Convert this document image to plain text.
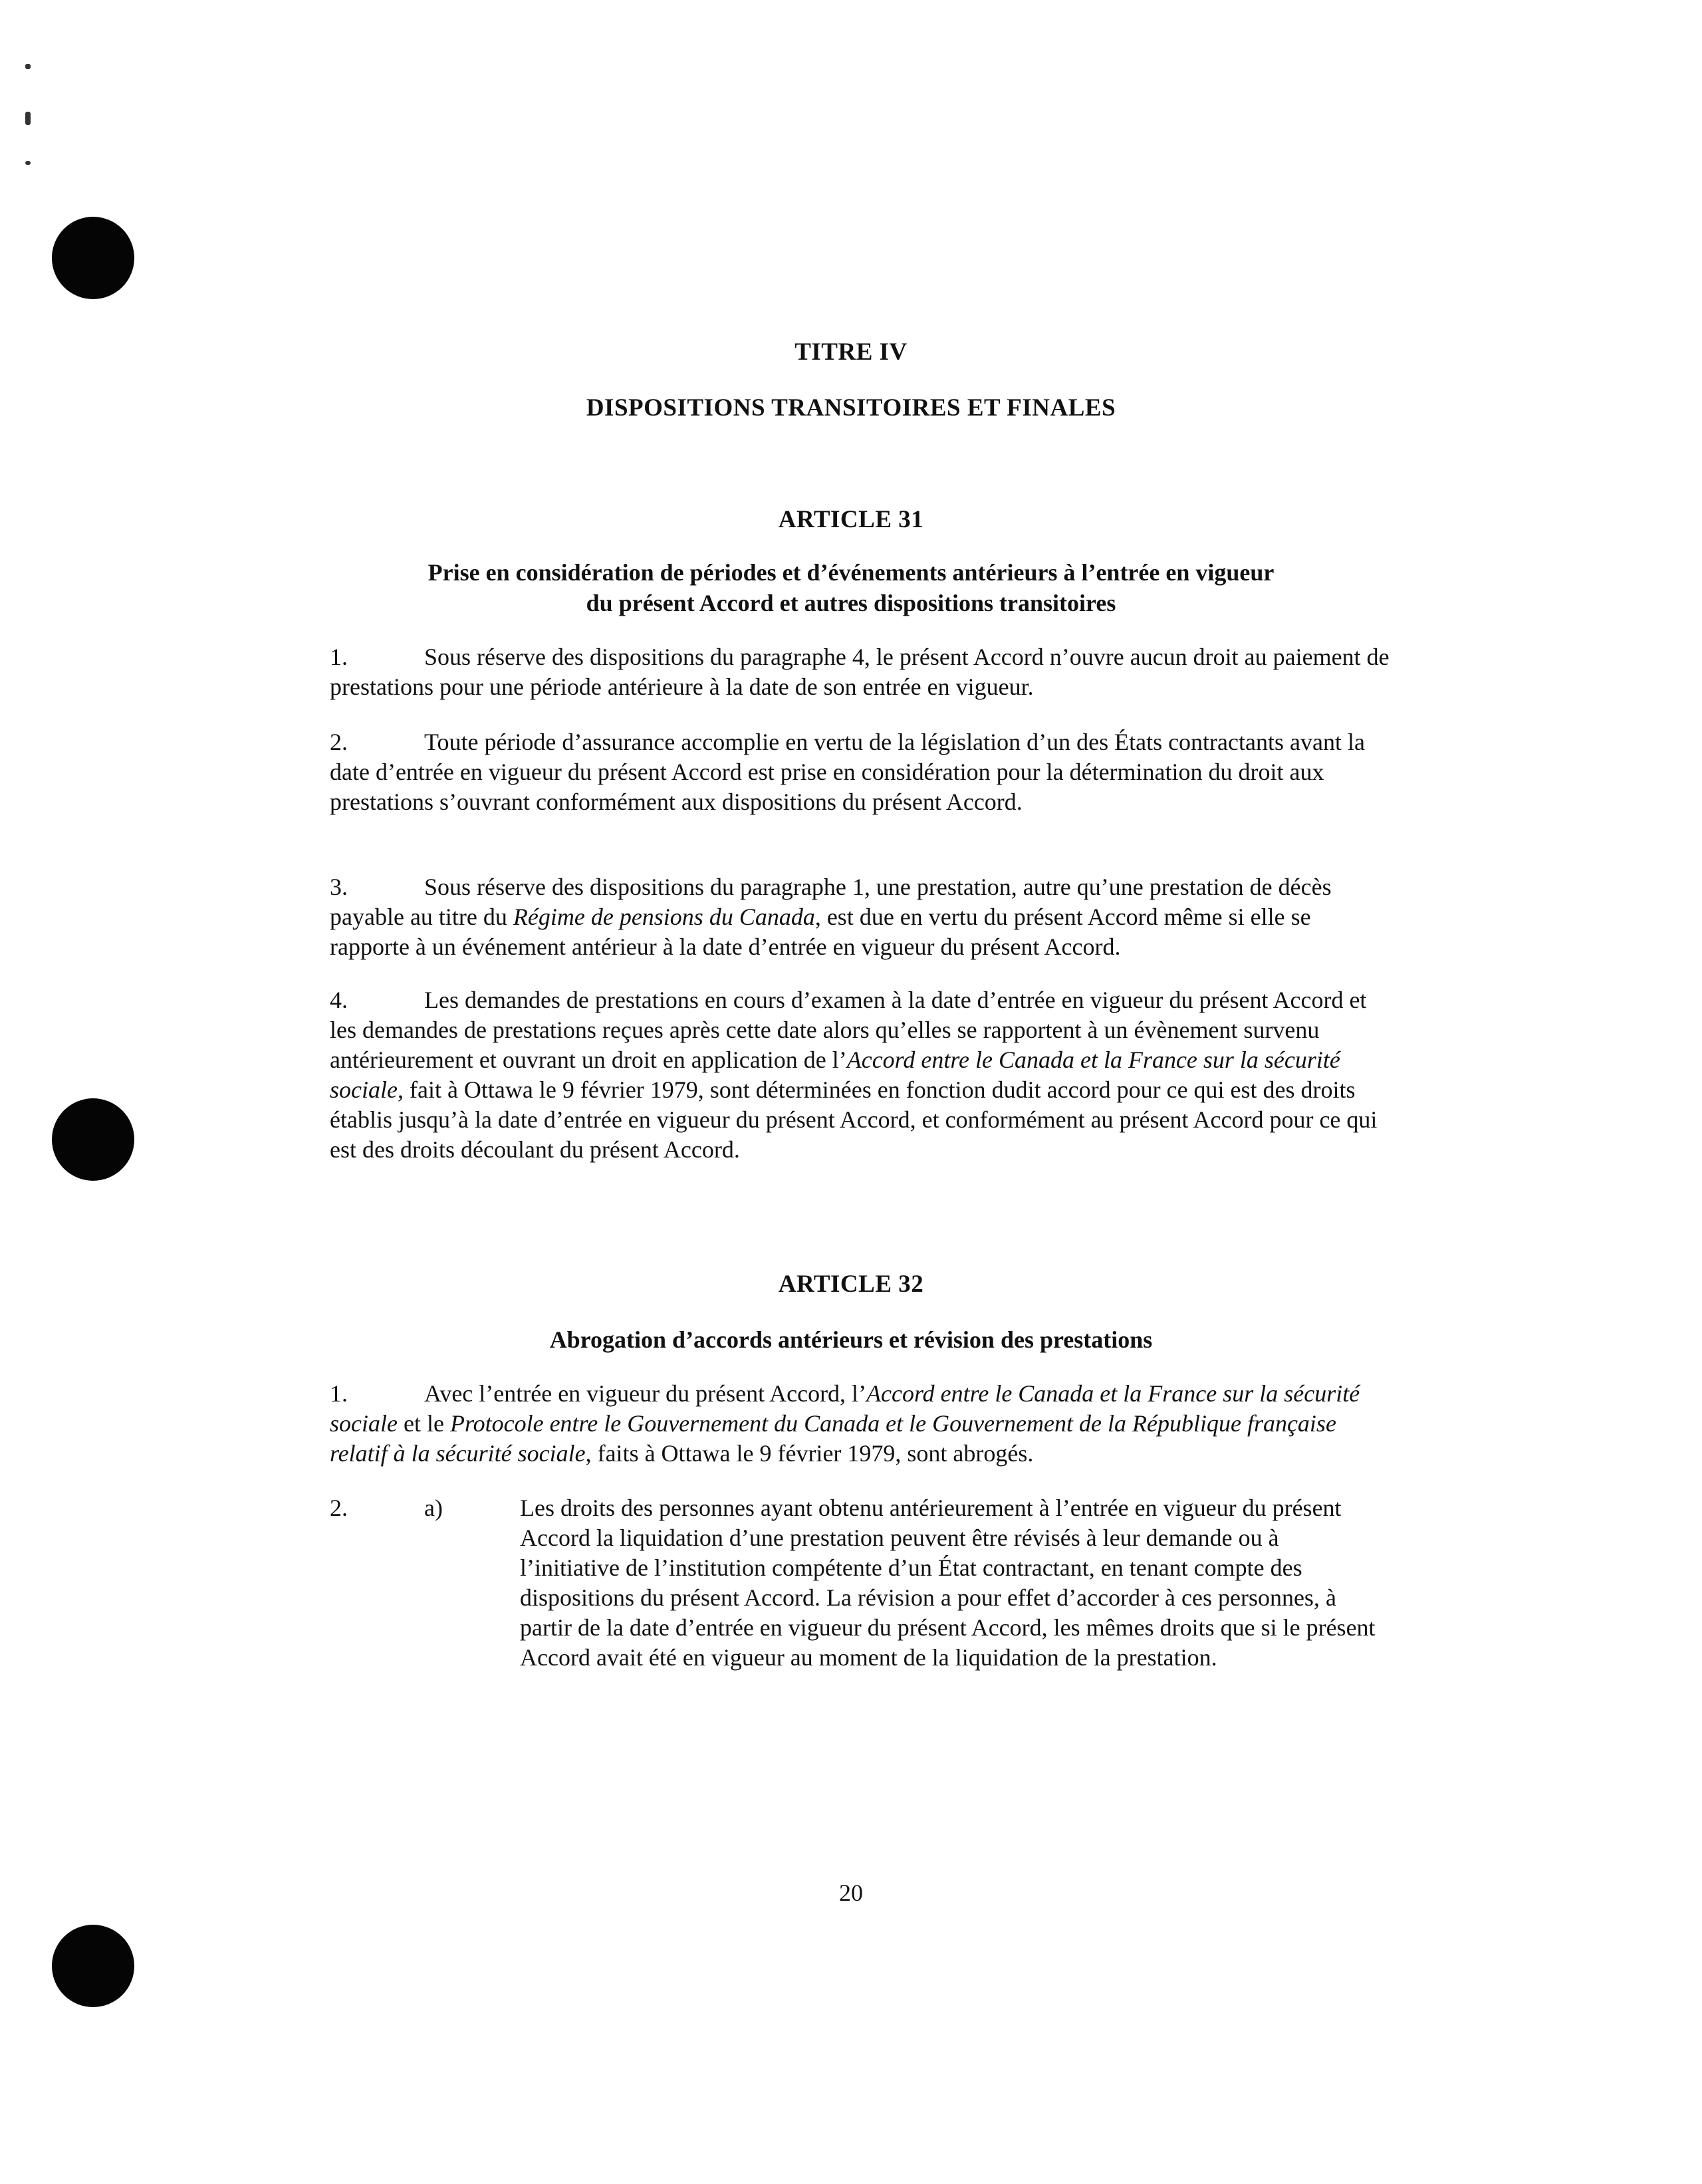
TITRE IV
DISPOSITIONS TRANSITOIRES ET FINALES
ARTICLE 31
Prise en considération de périodes et d’événements antérieurs à l’entrée en vigueur
du présent Accord et autres dispositions transitoires

1.	Sous réserve des dispositions du paragraphe 4, le présent Accord n’ouvre aucun droit au paiement de prestations pour une période antérieure à la date de son entrée en vigueur.

2.	Toute période d’assurance accomplie en vertu de la législation d’un des États contractants avant la date d’entrée en vigueur du présent Accord est prise en considération pour la détermination du droit aux prestations s’ouvrant conformément aux dispositions du présent Accord.

3.	Sous réserve des dispositions du paragraphe 1, une prestation, autre qu’une prestation de décès payable au titre du Régime de pensions du Canada, est due en vertu du présent Accord même si elle se rapporte à un événement antérieur à la date d’entrée en vigueur du présent Accord.

4.	Les demandes de prestations en cours d’examen à la date d’entrée en vigueur du présent Accord et les demandes de prestations reçues après cette date alors qu’elles se rapportent à un évènement survenu antérieurement et ouvrant un droit en application de l’Accord entre le Canada et la France sur la sécurité sociale, fait à Ottawa le 9 février 1979, sont déterminées en fonction dudit accord pour ce qui est des droits établis jusqu’à la date d’entrée en vigueur du présent Accord, et conformément au présent Accord pour ce qui est des droits découlant du présent Accord.

ARTICLE 32
Abrogation d’accords antérieurs et révision des prestations

1.	Avec l’entrée en vigueur du présent Accord, l’Accord entre le Canada et la France sur la sécurité sociale et le Protocole entre le Gouvernement du Canada et le Gouvernement de la République française relatif à la sécurité sociale, faits à Ottawa le 9 février 1979, sont abrogés.

2.	a)	Les droits des personnes ayant obtenu antérieurement à l’entrée en vigueur du présent Accord la liquidation d’une prestation peuvent être révisés à leur demande ou à l’initiative de l’institution compétente d’un État contractant, en tenant compte des dispositions du présent Accord. La révision a pour effet d’accorder à ces personnes, à partir de la date d’entrée en vigueur du présent Accord, les mêmes droits que si le présent Accord avait été en vigueur au moment de la liquidation de la prestation.
20
